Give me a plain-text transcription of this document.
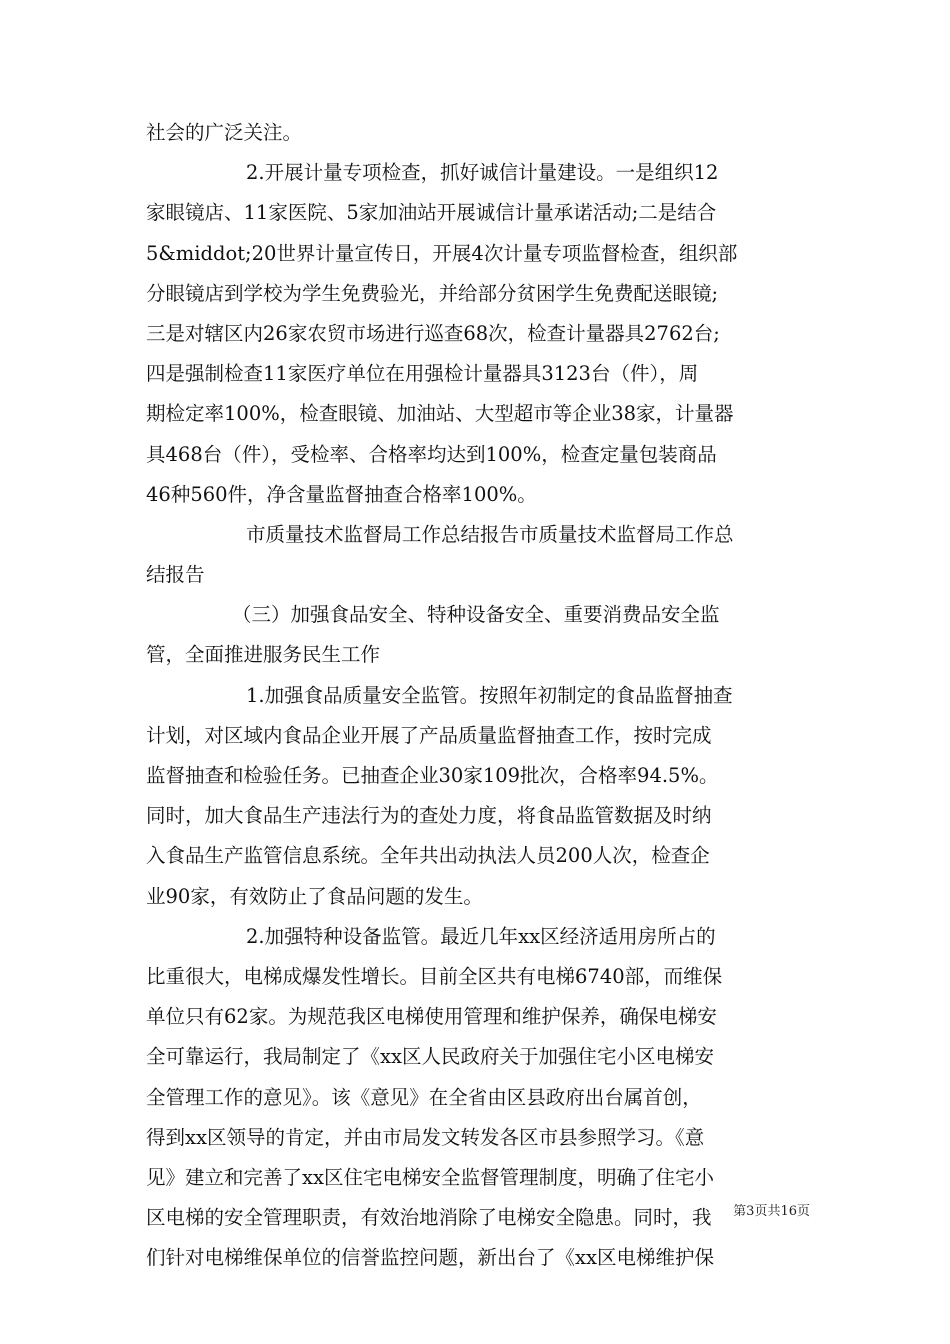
社会的广泛关注。
2.开展计量专项检查，抓好诚信计量建设。一是组织12
家眼镜店、11家医院、5家加油站开展诚信计量承诺活动;二是结合
5&middot;20世界计量宣传日，开展4次计量专项监督检查，组织部
分眼镜店到学校为学生免费验光，并给部分贫困学生免费配送眼镜;
三是对辖区内26家农贸市场进行巡查68次，检查计量器具2762台;
四是强制检查11家医疗单位在用强检计量器具3123台（件），周
期检定率100%，检查眼镜、加油站、大型超市等企业38家，计量器
具468台（件），受检率、合格率均达到100%，检查定量包装商品
46种560件，净含量监督抽查合格率100%。
市质量技术监督局工作总结报告市质量技术监督局工作总
结报告
（三）加强食品安全、特种设备安全、重要消费品安全监
管，全面推进服务民生工作
1.加强食品质量安全监管。按照年初制定的食品监督抽查
计划，对区域内食品企业开展了产品质量监督抽查工作，按时完成
监督抽查和检验任务。已抽查企业30家109批次，合格率94.5%。
同时，加大食品生产违法行为的查处力度，将食品监管数据及时纳
入食品生产监管信息系统。全年共出动执法人员200人次，检查企
业90家，有效防止了食品问题的发生。
2.加强特种设备监管。最近几年xx区经济适用房所占的
比重很大，电梯成爆发性增长。目前全区共有电梯6740部，而维保
单位只有62家。为规范我区电梯使用管理和维护保养，确保电梯安
全可靠运行，我局制定了《xx区人民政府关于加强住宅小区电梯安
全管理工作的意见》。该《意见》在全省由区县政府出台属首创，
得到xx区领导的肯定，并由市局发文转发各区市县参照学习。《意
见》建立和完善了xx区住宅电梯安全监督管理制度，明确了住宅小
区电梯的安全管理职责，有效治地消除了电梯安全隐患。同时，我
们针对电梯维保单位的信誉监控问题，新出台了《xx区电梯维护保
第3页共16页
